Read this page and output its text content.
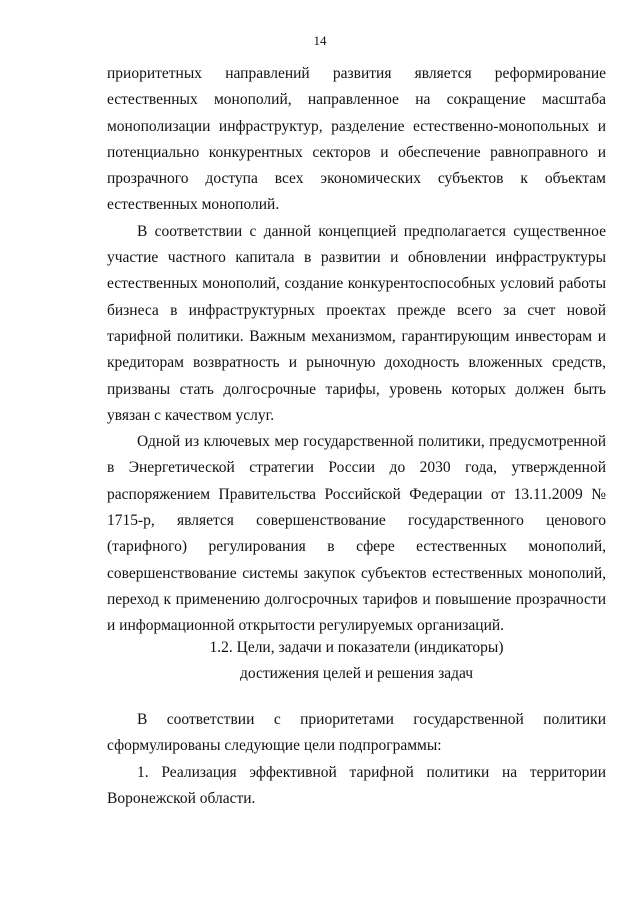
14

приоритетных направлений развития является реформирование естественных монополий, направленное на сокращение масштаба монополизации инфраструктур, разделение естественно-монопольных и потенциально конкурентных секторов и обеспечение равноправного и прозрачного доступа всех экономических субъектов к объектам естественных монополий.

В соответствии с данной концепцией предполагается существенное участие частного капитала в развитии и обновлении инфраструктуры естественных монополий, создание конкурентоспособных условий работы бизнеса в инфраструктурных проектах прежде всего за счет новой тарифной политики. Важным механизмом, гарантирующим инвесторам и кредиторам возвратность и рыночную доходность вложенных средств, призваны стать долгосрочные тарифы, уровень которых должен быть увязан с качеством услуг.

Одной из ключевых мер государственной политики, предусмотренной в Энергетической стратегии России до 2030 года, утвержденной распоряжением Правительства Российской Федерации от 13.11.2009 № 1715-р, является совершенствование государственного ценового (тарифного) регулирования в сфере естественных монополий, совершенствование системы закупок субъектов естественных монополий, переход к применению долгосрочных тарифов и повышение прозрачности и информационной открытости регулируемых организаций.

1.2. Цели, задачи и показатели (индикаторы)
достижения целей и решения задач

В соответствии с приоритетами государственной политики сформулированы следующие цели подпрограммы:

1. Реализация эффективной тарифной политики на территории Воронежской области.
